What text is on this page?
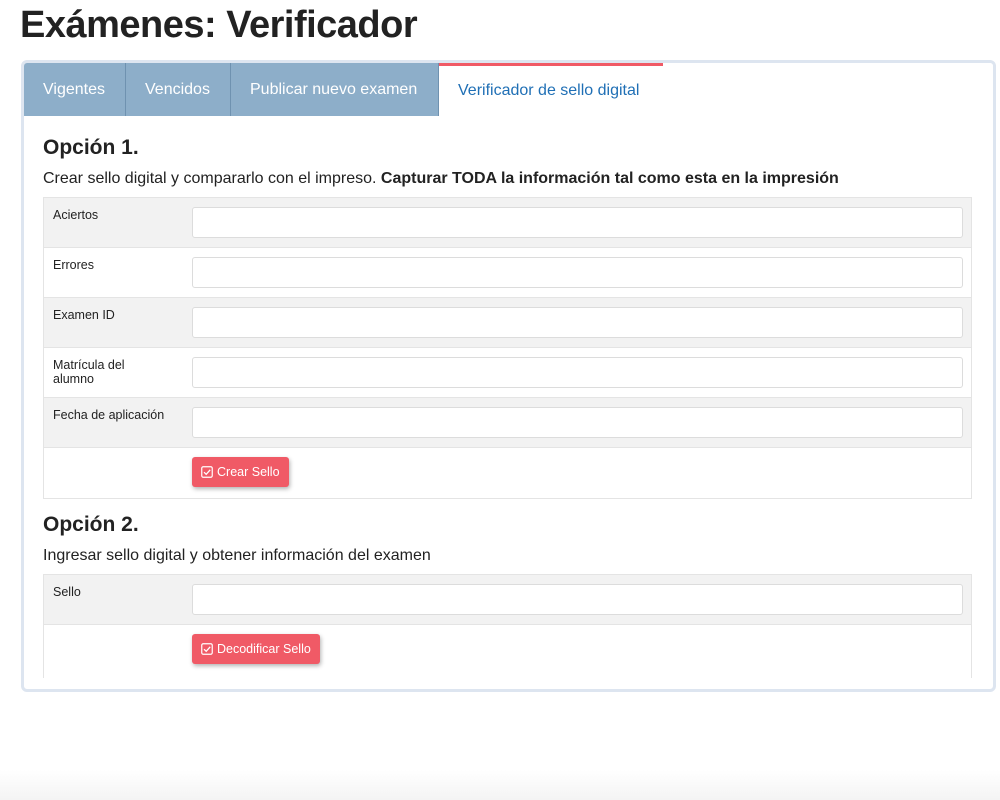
Exámenes: Verificador
Vigentes	Vencidos	Publicar nuevo examen	Verificador de sello digital
Opción 1.

Crear sello digital y compararlo con el impreso. Capturar TODA la información tal como esta en la impresión

Aciertos
Errores
Examen ID
Matrícula del alumno
Fecha de aplicación
Crear Sello
Opción 2.

Ingresar sello digital y obtener información del examen

Sello
Decodificar Sello
